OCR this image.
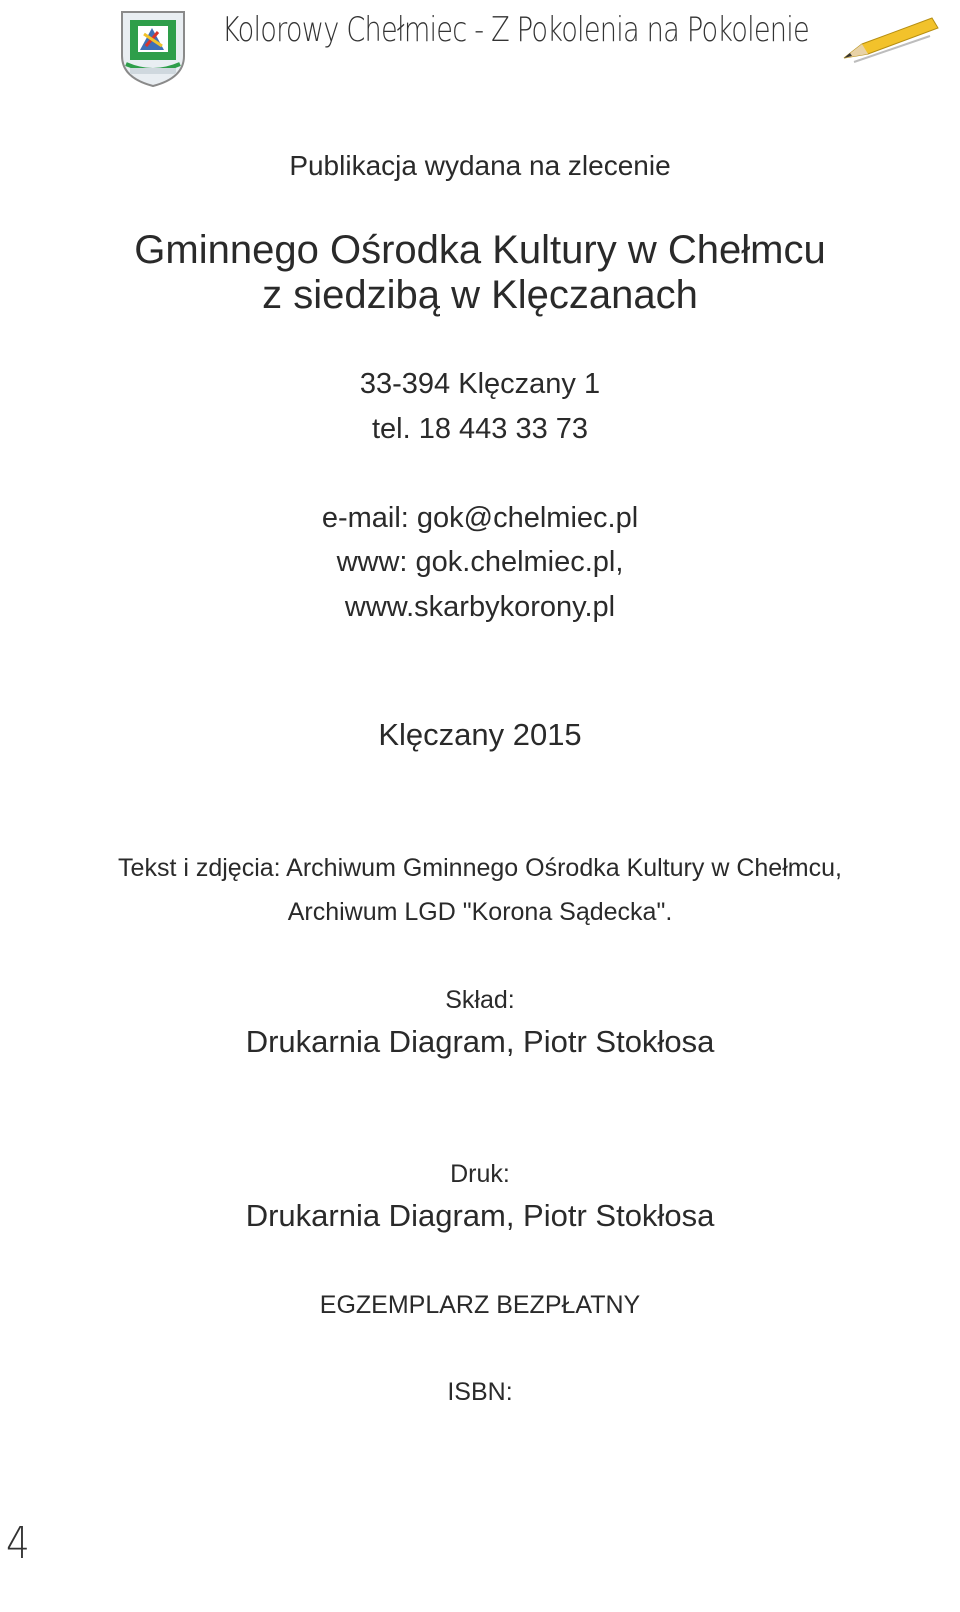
Kolorowy Chełmiec - Z Pokolenia na Pokolenie
Publikacja wydana na zlecenie
Gminnego Ośrodka Kultury w Chełmcu
z siedzibą w Klęczanach
33-394 Klęczany 1
tel. 18 443 33 73
e-mail: gok@chelmiec.pl
www: gok.chelmiec.pl,
www.skarbykorony.pl
Klęczany 2015
Tekst i zdjęcia: Archiwum Gminnego Ośrodka Kultury w Chełmcu,
Archiwum LGD "Korona Sądecka".
Skład:
Drukarnia Diagram, Piotr Stokłosa
Druk:
Drukarnia Diagram, Piotr Stokłosa
EGZEMPLARZ BEZPŁATNY
ISBN:
4
